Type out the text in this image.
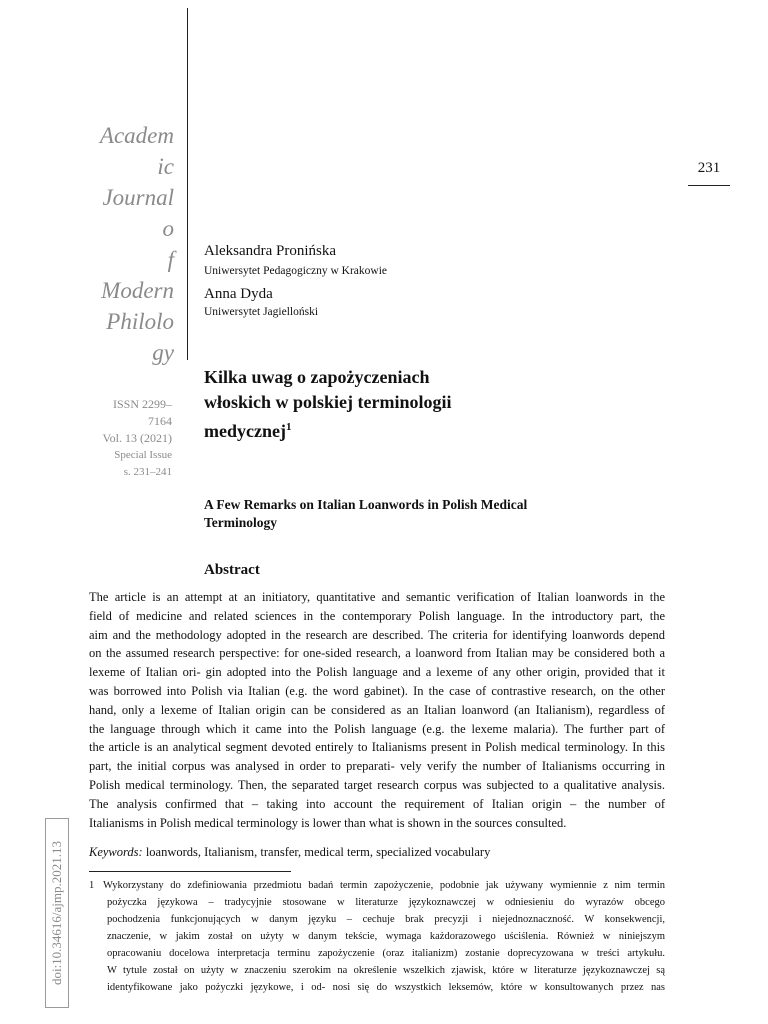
Academ
ic
Journal
o
f
Modern
Philolo
gy
ISSN 2299–
7164
Vol. 13 (2021)
Special Issue
s. 231–241
231
Aleksandra Pronińska
Uniwersytet Pedagogiczny w Krakowie
Anna Dyda
Uniwersytet Jagielloński
Kilka uwag o zapożyczeniach
włoskich w polskiej terminologii
medycznej$^1$
A Few Remarks on Italian Loanwords in Polish Medical
Terminology
Abstract
The article is an attempt at an initiatory, quantitative and semantic verification of Italian loanwords in the
field of medicine and related sciences in the contemporary Polish language. In the introductory part, the
aim and the methodology adopted in the research are described. The criteria for identifying loanwords depend
on the assumed research perspective: for one-sided research, a loanword from Italian may be considered both a
lexeme of Italian ori- gin adopted into the Polish language and a lexeme of any other origin, provided that it
was borrowed into Polish via Italian (e.g. the word gabinet). In the case of contrastive research, on the other
hand, only a lexeme of Italian origin can be considered as an Italian loanword (an Italianism), regardless of
the language through which it came into the Polish language (e.g. the lexeme malaria). The further part of
the article is an analytical segment devoted entirely to Italianisms present in Polish medical terminology. In this
part, the initial corpus was analysed in order to preparati- vely verify the number of Italianisms occurring in
Polish medical terminology. Then, the separated target research corpus was subjected to a qualitative analysis.
The analysis confirmed that – taking into account the requirement of Italian origin – the number of
Italianisms in Polish medical terminology is lower than what is shown in the sources consulted.
Keywords: loanwords, Italianism, transfer, medical term, specialized vocabulary
1 Wykorzystany do zdefiniowania przedmiotu badań termin zapożyczenie, podobnie jak używany wymiennie z nim termin
pożyczka językowa – tradycyjnie stosowane w literaturze językoznawczej w odniesieniu do wyrazów obcego
pochodzenia funkcjonujących w danym języku – cechuje brak precyzji i niejednoznaczność. W konsekwencji,
znaczenie, w jakim został on użyty w danym tekście, wymaga każdorazowego uściślenia. Również w niniejszym
opracowaniu docelowa interpretacja terminu zapożyczenie (oraz italianizm) zostanie doprecyzowana w treści artykułu.
W tytule został on użyty w znaczeniu szerokim na określenie wszelkich zjawisk, które w literaturze językoznawczej są
identyfikowane jako pożyczki językowe, i od- nosi się do wszystkich leksemów, które w konsultowanych przez nas
doi:10.34616/ajmp.2021.13
